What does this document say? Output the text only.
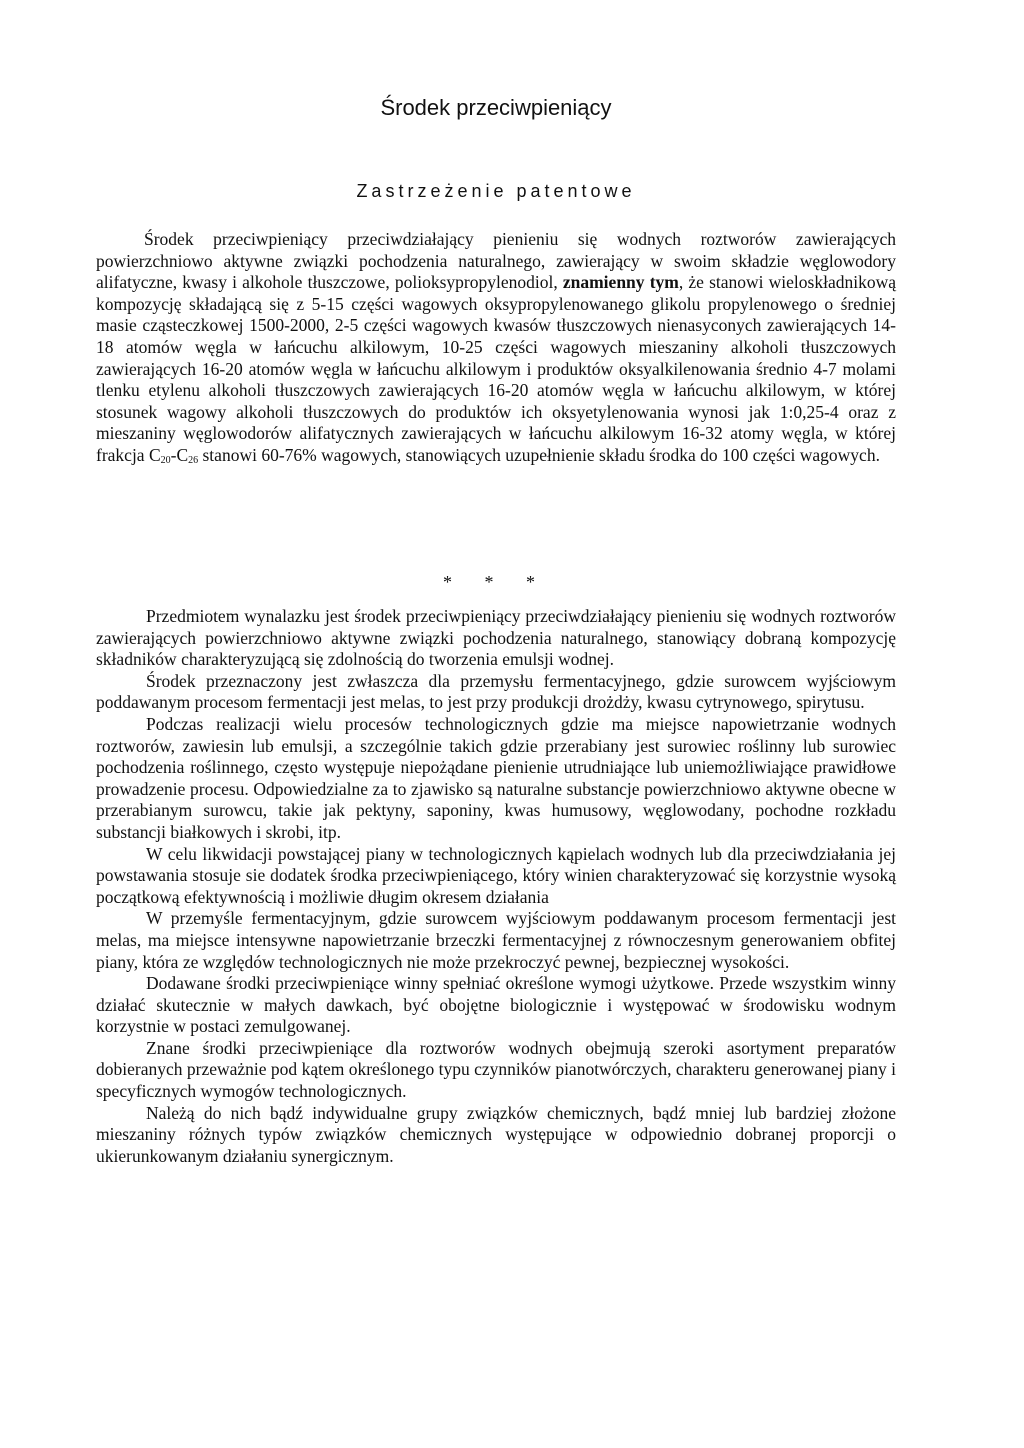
Środek przeciwpieniący
Zastrzeżenie patentowe

Środek przeciwpieniący przeciwdziałający pienieniu się wodnych roztworów zawierających powierzchniowo aktywne związki pochodzenia naturalnego, zawierający w swoim składzie węglowodory alifatyczne, kwasy i alkohole tłuszczowe, polioksypropylenodiol, znamienny tym, że stanowi wieloskładnikową kompozycję składającą się z 5-15 części wagowych oksypropylenowanego glikolu propylenowego o średniej masie cząsteczkowej 1500-2000, 2-5 części wagowych kwasów tłuszczowych nienasyconych zawierających 14-18 atomów węgla w łańcuchu alkilowym, 10-25 części wagowych mieszaniny alkoholi tłuszczowych zawierających 16-20 atomów węgla w łańcuchu alkilowym i produktów oksyalkilenowania średnio 4-7 molami tlenku etylenu alkoholi tłuszczowych zawierających 16-20 atomów węgla w łańcuchu alkilowym, w której stosunek wagowy alkoholi tłuszczowych do produktów ich oksyetylenowania wynosi jak 1:0,25-4 oraz z mieszaniny węglowodorów alifatycznych zawierających w łańcuchu alkilowym 16-32 atomy węgla, w której frakcja $C_{20}-C_{26}$ stanowi 60-76% wagowych, stanowiących uzupełnienie składu środka do 100 części wagowych.

* * *

Przedmiotem wynalazku jest środek przeciwpieniący przeciwdziałający pienieniu się wodnych roztworów zawierających powierzchniowo aktywne związki pochodzenia naturalnego, stanowiący dobraną kompozycję składników charakteryzującą się zdolnością do tworzenia emulsji wodnej.

Środek przeznaczony jest zwłaszcza dla przemysłu fermentacyjnego, gdzie surowcem wyjściowym poddawanym procesom fermentacji jest melas, to jest przy produkcji drożdży, kwasu cytrynowego, spirytusu.

Podczas realizacji wielu procesów technologicznych gdzie ma miejsce napowietrzanie wodnych roztworów, zawiesin lub emulsji, a szczególnie takich gdzie przerabiany jest surowiec roślinny lub surowiec pochodzenia roślinnego, często występuje niepożądane pienienie utrudniające lub uniemożliwiające prawidłowe prowadzenie procesu. Odpowiedzialne za to zjawisko są naturalne substancje powierzchniowo aktywne obecne w przerabianym surowcu, takie jak pektyny, saponiny, kwas humusowy, węglowodany, pochodne rozkładu substancji białkowych i skrobi, itp.

W celu likwidacji powstającej piany w technologicznych kąpielach wodnych lub dla przeciwdziałania jej powstawania stosuje sie dodatek środka przeciwpieniącego, który winien charakteryzować się korzystnie wysoką początkową efektywnością i możliwie długim okresem działania

W przemyśle fermentacyjnym, gdzie surowcem wyjściowym poddawanym procesom fermentacji jest melas, ma miejsce intensywne napowietrzanie brzeczki fermentacyjnej z równoczesnym generowaniem obfitej piany, która ze względów technologicznych nie może przekroczyć pewnej, bezpiecznej wysokości.

Dodawane środki przeciwpieniące winny spełniać określone wymogi użytkowe. Przede wszystkim winny działać skutecznie w małych dawkach, być obojętne biologicznie i występować w środowisku wodnym korzystnie w postaci zemulgowanej.

Znane środki przeciwpieniące dla roztworów wodnych obejmują szeroki asortyment preparatów dobieranych przeważnie pod kątem określonego typu czynników pianotwórczych, charakteru generowanej piany i specyficznych wymogów technologicznych.

Należą do nich bądź indywidualne grupy związków chemicznych, bądź mniej lub bardziej złożone mieszaniny różnych typów związków chemicznych występujące w odpowiednio dobranej proporcji o ukierunkowanym działaniu synergicznym.
